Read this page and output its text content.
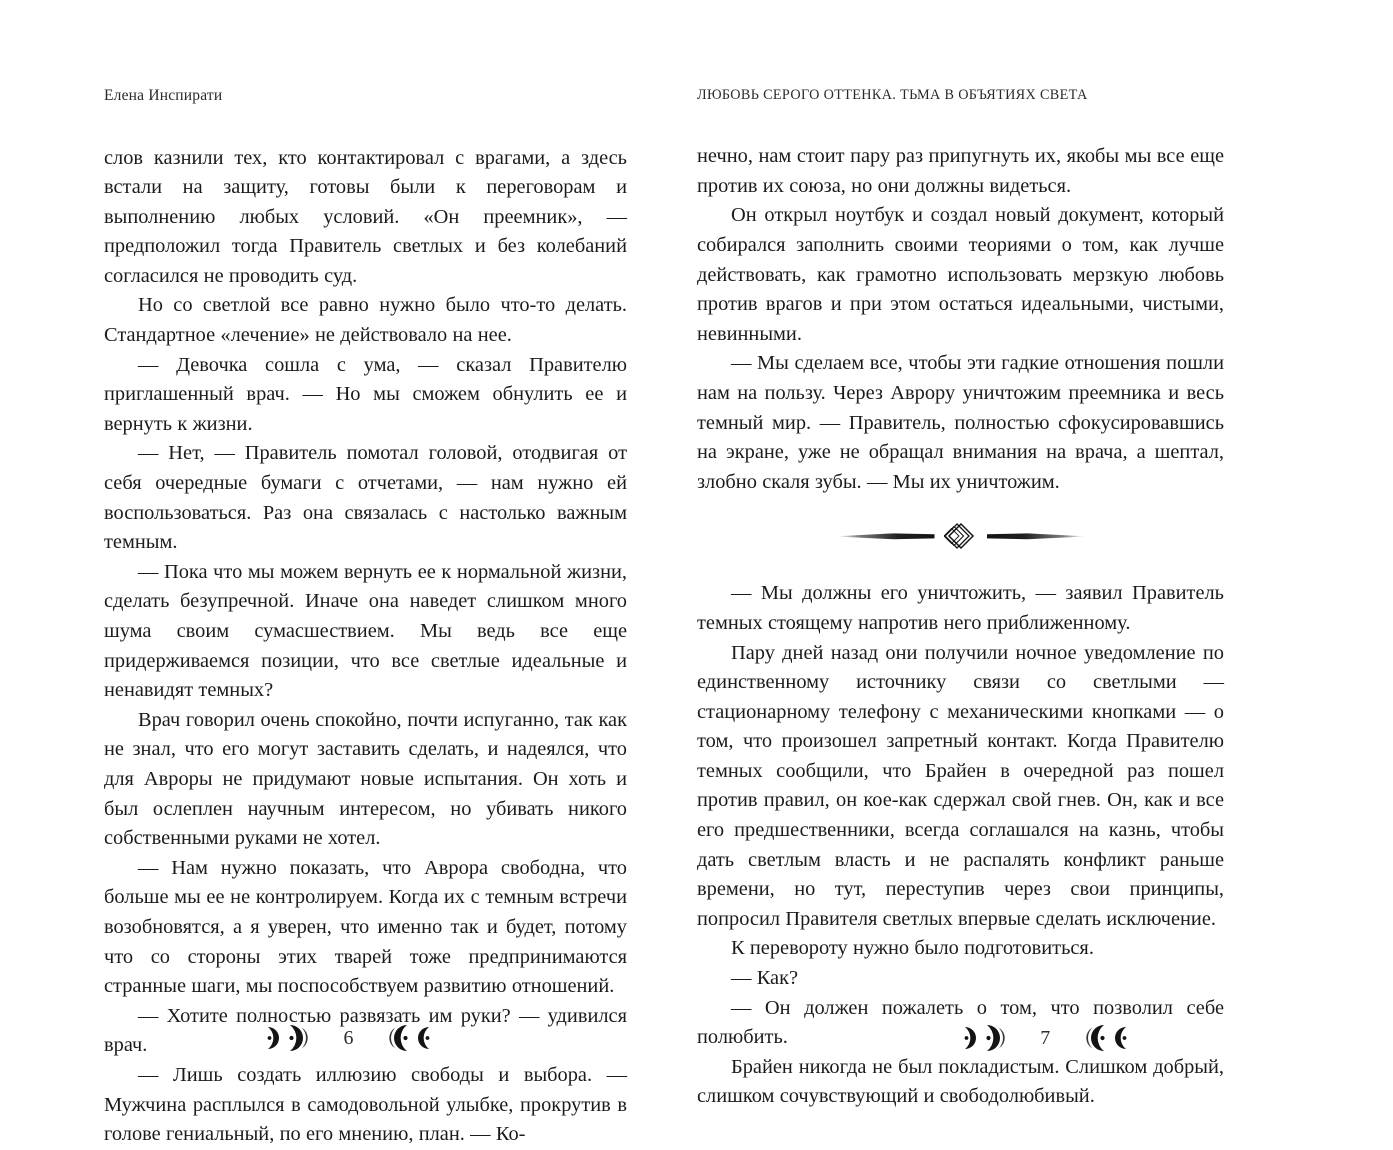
Елена Инспирати

слов казнили тех, кто контактировал с врагами, а здесь встали на защиту, готовы были к переговорам и выполнению любых условий. «Он преемник», — предположил тогда Правитель светлых и без колебаний согласился не проводить суд.

Но со светлой все равно нужно было что-то делать. Стандартное «лечение» не действовало на нее.

— Девочка сошла с ума, — сказал Правителю приглашенный врач. — Но мы сможем обнулить ее и вернуть к жизни.

— Нет, — Правитель помотал головой, отодвигая от себя очередные бумаги с отчетами, — нам нужно ей воспользоваться. Раз она связалась с настолько важным темным.

— Пока что мы можем вернуть ее к нормальной жизни, сделать безупречной. Иначе она наведет слишком много шума своим сумасшествием. Мы ведь все еще придерживаемся позиции, что все светлые идеальные и ненавидят темных?

Врач говорил очень спокойно, почти испуганно, так как не знал, что его могут заставить сделать, и надеялся, что для Авроры не придумают новые испытания. Он хоть и был ослеплен научным интересом, но убивать никого собственными руками не хотел.

— Нам нужно показать, что Аврора свободна, что больше мы ее не контролируем. Когда их с темным встречи возобновятся, а я уверен, что именно так и будет, потому что со стороны этих тварей тоже предпринимаются странные шаги, мы поспособствуем развитию отношений.

— Хотите полностью развязать им руки? — удивился врач.

— Лишь создать иллюзию свободы и выбора. — Мужчина расплылся в самодовольной улыбке, прокрутив в голове гениальный, по его мнению, план. — Ко-

6
ЛЮБОВЬ СЕРОГО ОТТЕНКА. ТЬМА В ОБЪЯТИЯХ СВЕТА

нечно, нам стоит пару раз припугнуть их, якобы мы все еще против их союза, но они должны видеться.

Он открыл ноутбук и создал новый документ, который собирался заполнить своими теориями о том, как лучше действовать, как грамотно использовать мерзкую любовь против врагов и при этом остаться идеальными, чистыми, невинными.

— Мы сделаем все, чтобы эти гадкие отношения пошли нам на пользу. Через Аврору уничтожим преемника и весь темный мир. — Правитель, полностью сфокусировавшись на экране, уже не обращал внимания на врача, а шептал, злобно скаля зубы. — Мы их уничтожим.

— Мы должны его уничтожить, — заявил Правитель темных стоящему напротив него приближенному.

Пару дней назад они получили ночное уведомление по единственному источнику связи со светлыми — стационарному телефону с механическими кнопками — о том, что произошел запретный контакт. Когда Правителю темных сообщили, что Брайен в очередной раз пошел против правил, он кое-как сдержал свой гнев. Он, как и все его предшественники, всегда соглашался на казнь, чтобы дать светлым власть и не распалять конфликт раньше времени, но тут, переступив через свои принципы, попросил Правителя светлых впервые сделать исключение.

К перевороту нужно было подготовиться.

— Как?

— Он должен пожалеть о том, что позволил себе полюбить.

Брайен никогда не был покладистым. Слишком добрый, слишком сочувствующий и свободолюбивый.

7
